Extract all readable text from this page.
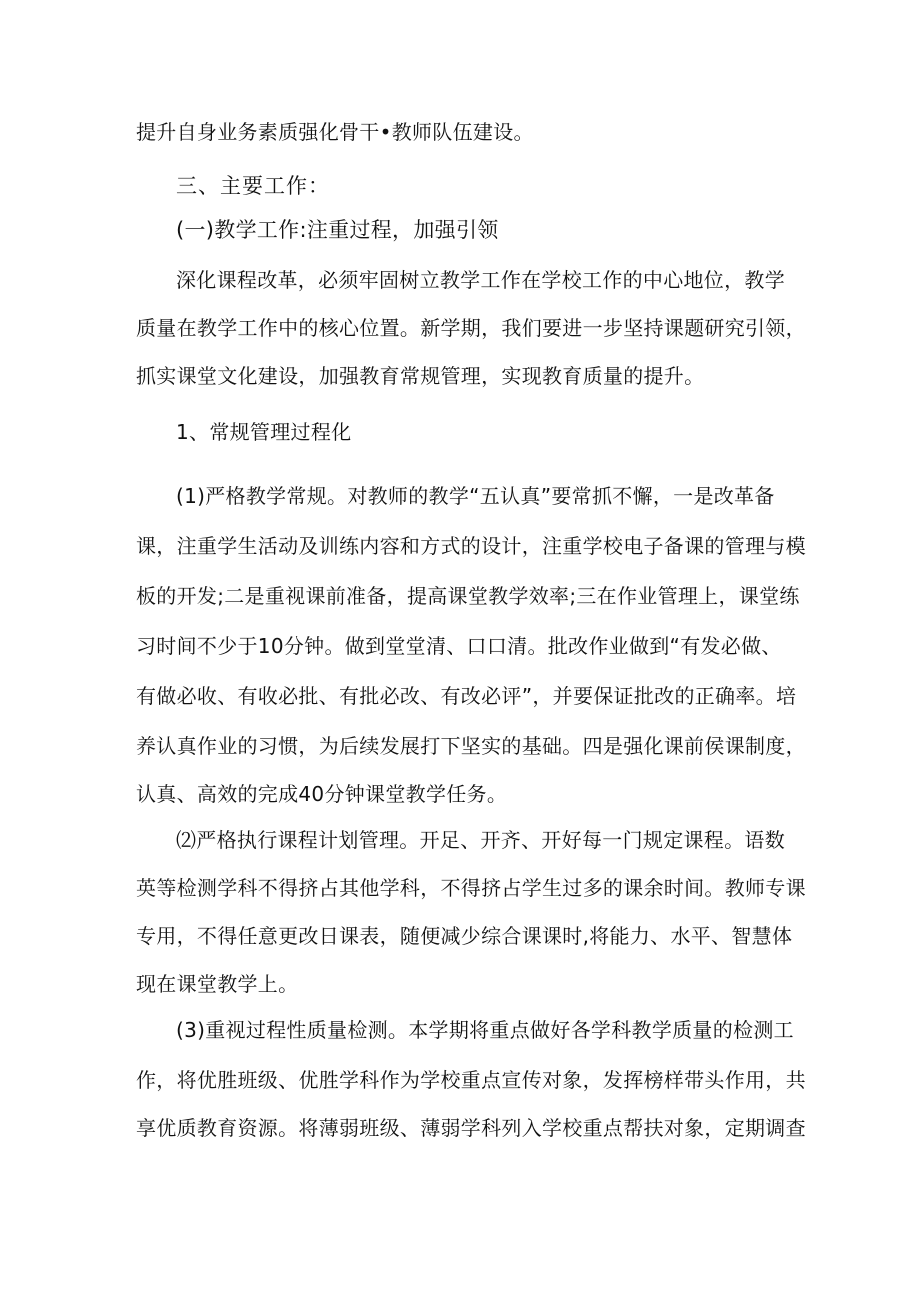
提升自身业务素质强化骨干•教师队伍建设。
三、主要工作：
(一)教学工作:注重过程，加强引领
深化课程改革，必须牢固树立教学工作在学校工作的中心地位，教学
质量在教学工作中的核心位置。新学期，我们要进一步坚持课题研究引领，
抓实课堂文化建设，加强教育常规管理，实现教育质量的提升。
1、常规管理过程化
(1)严格教学常规。对教师的教学“五认真”要常抓不懈，一是改革备
课，注重学生活动及训练内容和方式的设计，注重学校电子备课的管理与模
板的开发;二是重视课前准备，提高课堂教学效率;三在作业管理上，课堂练
习时间不少于10分钟。做到堂堂清、口口清。批改作业做到“有发必做、
有做必收、有收必批、有批必改、有改必评”，并要保证批改的正确率。培
养认真作业的习惯，为后续发展打下坚实的基础。四是强化课前侯课制度，
认真、高效的完成40分钟课堂教学任务。
⑵严格执行课程计划管理。开足、开齐、开好每一门规定课程。语数
英等检测学科不得挤占其他学科，不得挤占学生过多的课余时间。教师专课
专用，不得任意更改日课表，随便减少综合课课时,将能力、水平、智慧体
现在课堂教学上。
(3)重视过程性质量检测。本学期将重点做好各学科教学质量的检测工
作，将优胜班级、优胜学科作为学校重点宣传对象，发挥榜样带头作用，共
享优质教育资源。将薄弱班级、薄弱学科列入学校重点帮扶对象，定期调查
